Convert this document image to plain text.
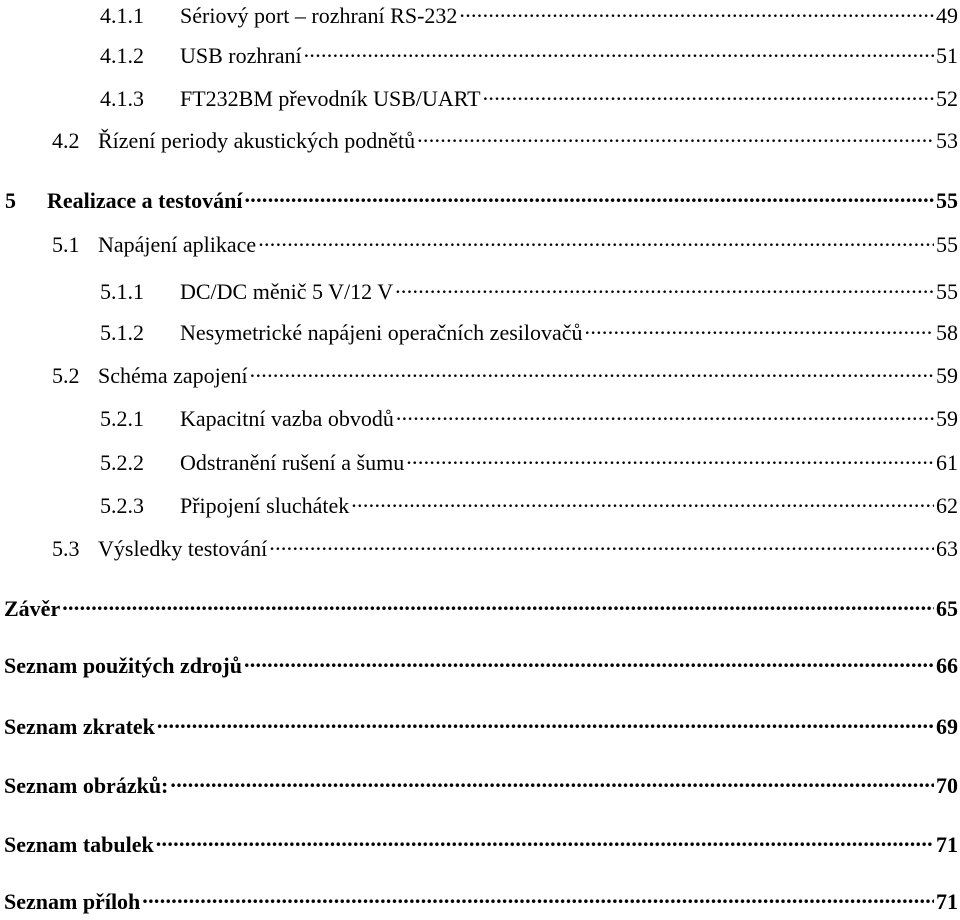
4.1.1	Sériový port – rozhraní RS-232 . . .	49
4.1.2	USB rozhraní . . .	51
4.1.3	FT232BM převodník USB/UART . . .	52
4.2 Řízení periody akustických podnětů . . .	53
5	Realizace a testování . . .	55
5.1 Napájení aplikace . . .	55
5.1.1	DC/DC měnič 5 V/12 V . . .	55
5.1.2	Nesymetrické napájeni operačních zesilovačů . . .	58
5.2 Schéma zapojení . . .	59
5.2.1	Kapacitní vazba obvodů . . .	59
5.2.2	Odstranění rušení a šumu . . .	61
5.2.3	Připojení sluchátek . . .	62
5.3 Výsledky testování . . .	63
Závěr . . .	65
Seznam použitých zdrojů . . .	66
Seznam zkratek . . .	69
Seznam obrázků: . . .	70
Seznam tabulek . . .	71
Seznam příloh . . .	71
